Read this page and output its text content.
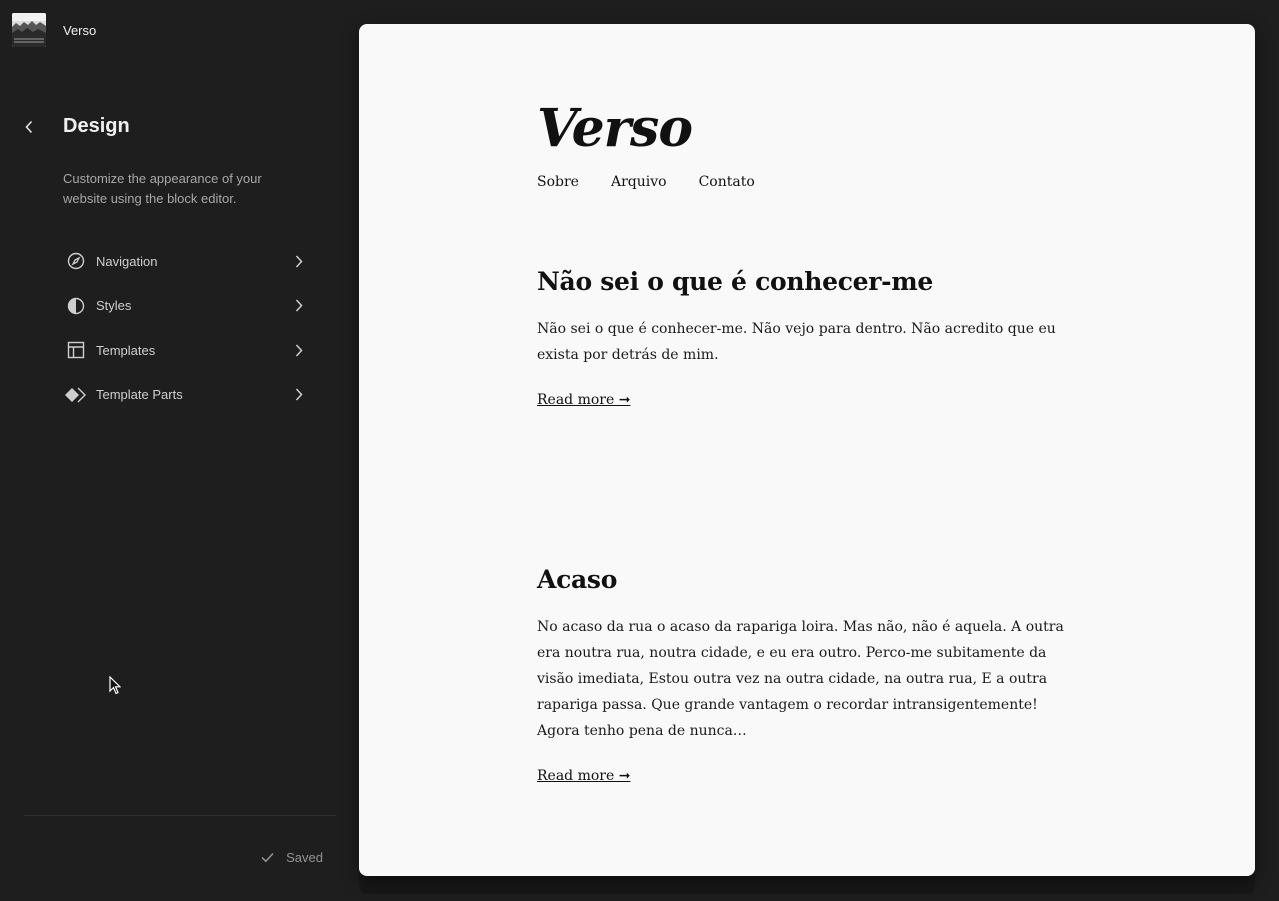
Verso
Design

Customize the appearance of your website using the block editor.

Navigation
Styles
Templates
Template Parts
Saved
Verso
Sobre Arquivo Contato
Não sei o que é conhecer-me

Não sei o que é conhecer-me. Não vejo para dentro. Não acredito que eu exista por detrás de mim.

Read more ➞
Acaso

No acaso da rua o acaso da rapariga loira. Mas não, não é aquela. A outra era noutra rua, noutra cidade, e eu era outro. Perco-me subitamente da visão imediata, Estou outra vez na outra cidade, na outra rua, E a outra rapariga passa. Que grande vantagem o recordar intransigentemente! Agora tenho pena de nunca…

Read more ➞
